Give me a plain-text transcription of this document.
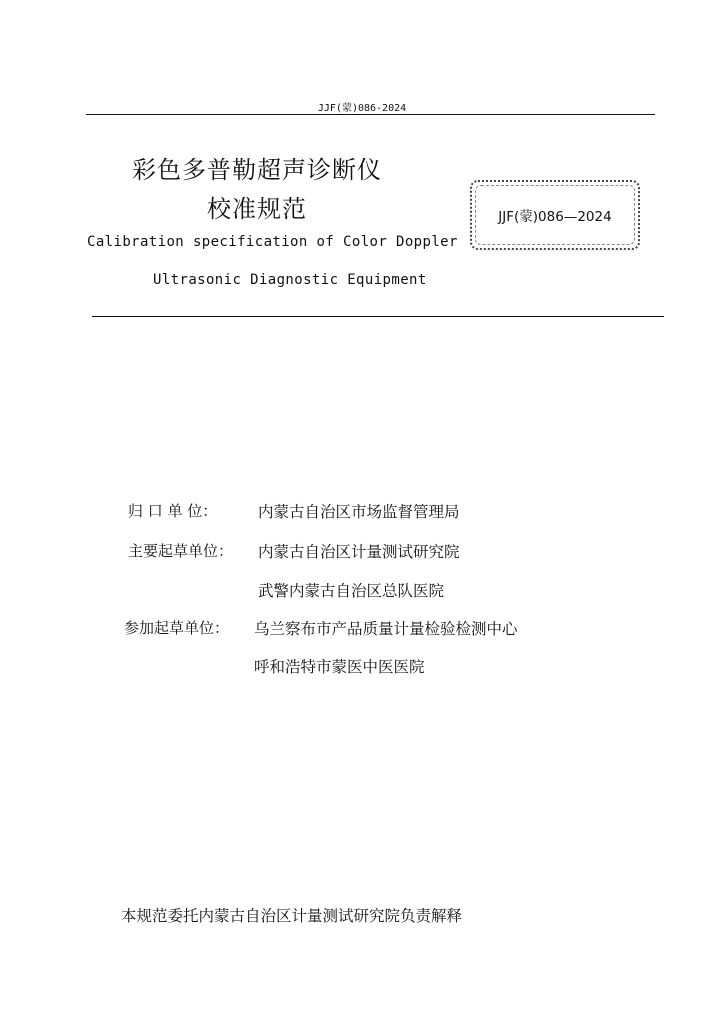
JJF(蒙)086-2024
彩色多普勒超声诊断仪
校准规范	JJF(蒙)086—2024
Calibration specification of Color Doppler
Ultrasonic Diagnostic Equipment
归 口 单 位：	内蒙古自治区市场监督管理局
主要起草单位： 内蒙古自治区计量测试研究院
武警内蒙古自治区总队医院
参加起草单位： 乌兰察布市产品质量计量检验检测中心
呼和浩特市蒙医中医医院
本规范委托内蒙古自治区计量测试研究院负责解释
